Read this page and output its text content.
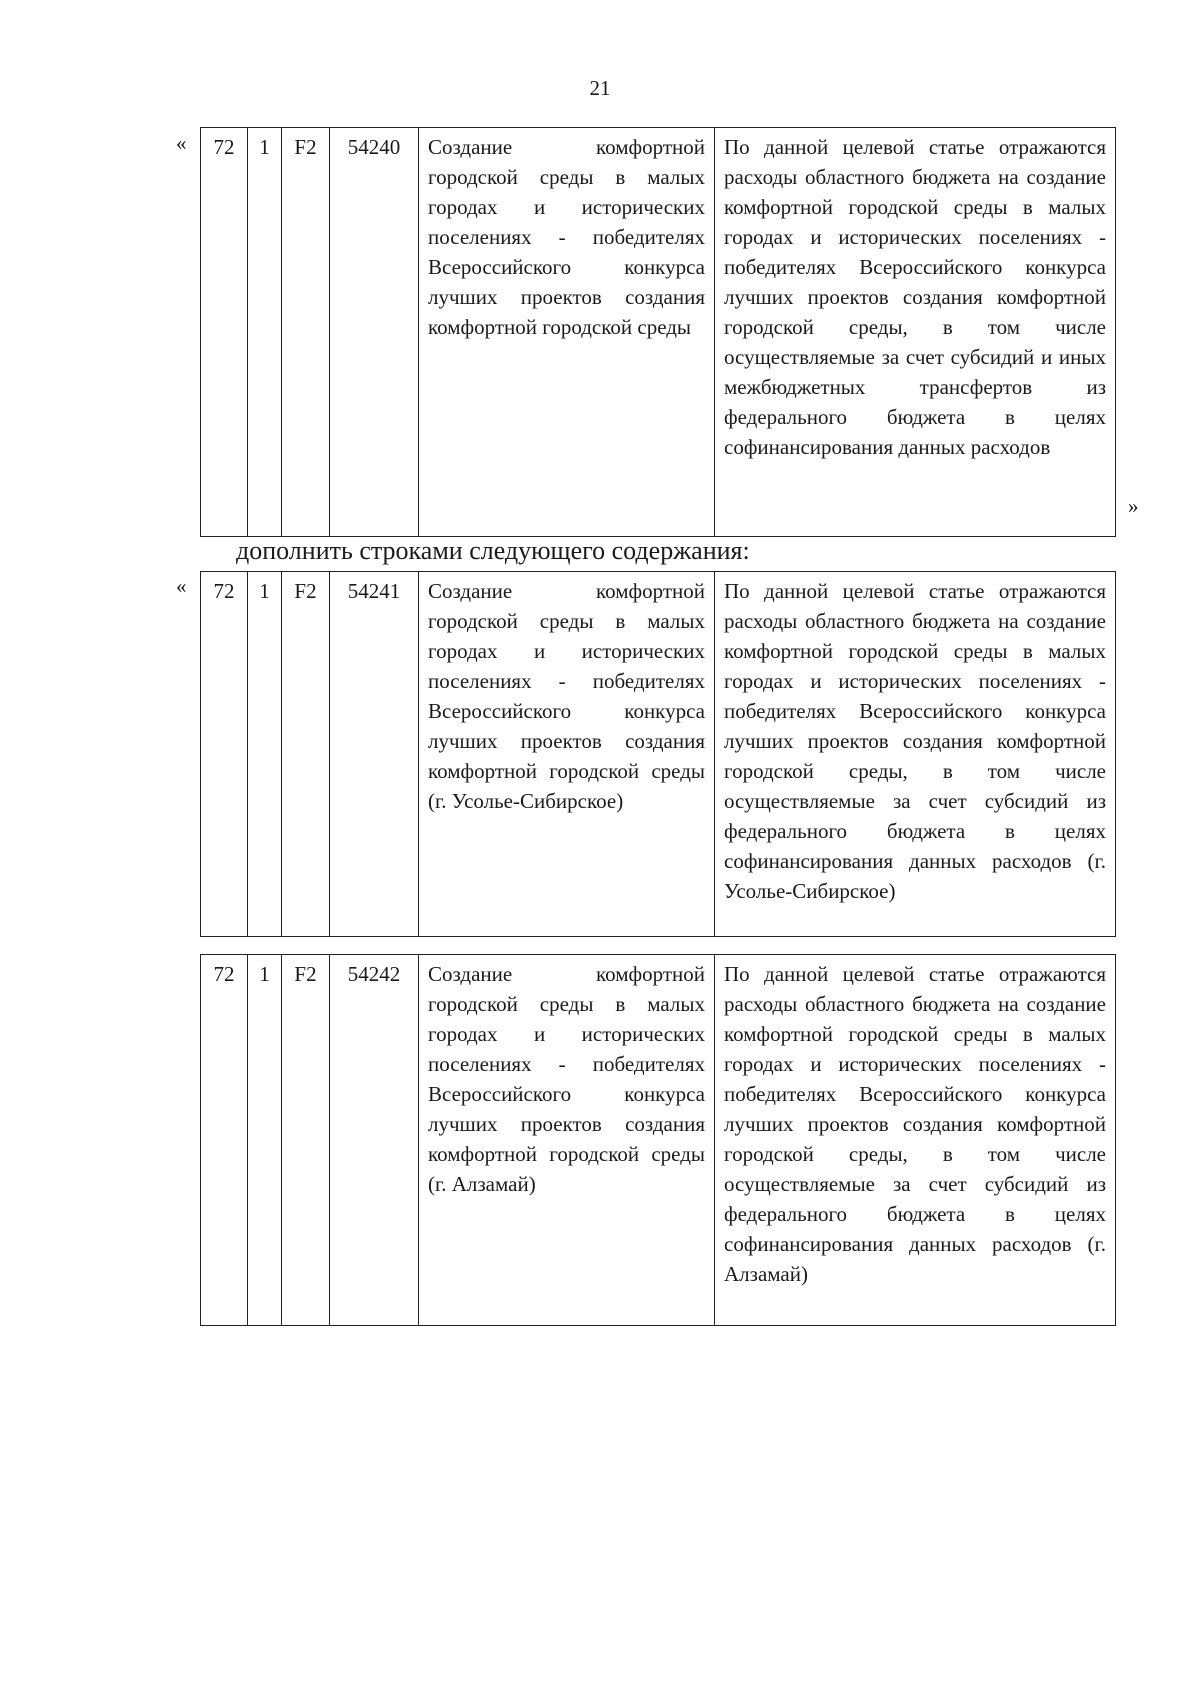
21
« 72	1	F2	54240	Создание комфортной городской среды в малых городах и исторических поселениях - победителях Всероссийского конкурса лучших проектов создания комфортной городской среды	По данной целевой статье отражаются расходы областного бюджета на создание комфортной городской среды в малых городах и исторических поселениях - победителях Всероссийского конкурса лучших проектов создания комфортной городской среды, в том числе осуществляемые за счет субсидий и иных межбюджетных трансфертов из федерального бюджета в целях софинансирования данных расходов
»
дополнить строками следующего содержания:
« 72	1	F2	54241	Создание комфортной городской среды в малых городах и исторических поселениях - победителях Всероссийского конкурса лучших проектов создания комфортной городской среды (г. Усолье-Сибирское)	По данной целевой статье отражаются расходы областного бюджета на создание комфортной городской среды в малых городах и исторических поселениях - победителях Всероссийского конкурса лучших проектов создания комфортной городской среды, в том числе осуществляемые за счет субсидий из федерального бюджета в целях софинансирования данных расходов (г. Усолье-Сибирское)

72	1	F2	54242	Создание комфортной городской среды в малых городах и исторических поселениях - победителях Всероссийского конкурса лучших проектов создания комфортной городской среды (г. Алзамай)	По данной целевой статье отражаются расходы областного бюджета на создание комфортной городской среды в малых городах и исторических поселениях - победителях Всероссийского конкурса лучших проектов создания комфортной городской среды, в том числе осуществляемые за счет субсидий из федерального бюджета в целях софинансирования данных расходов (г. Алзамай)
